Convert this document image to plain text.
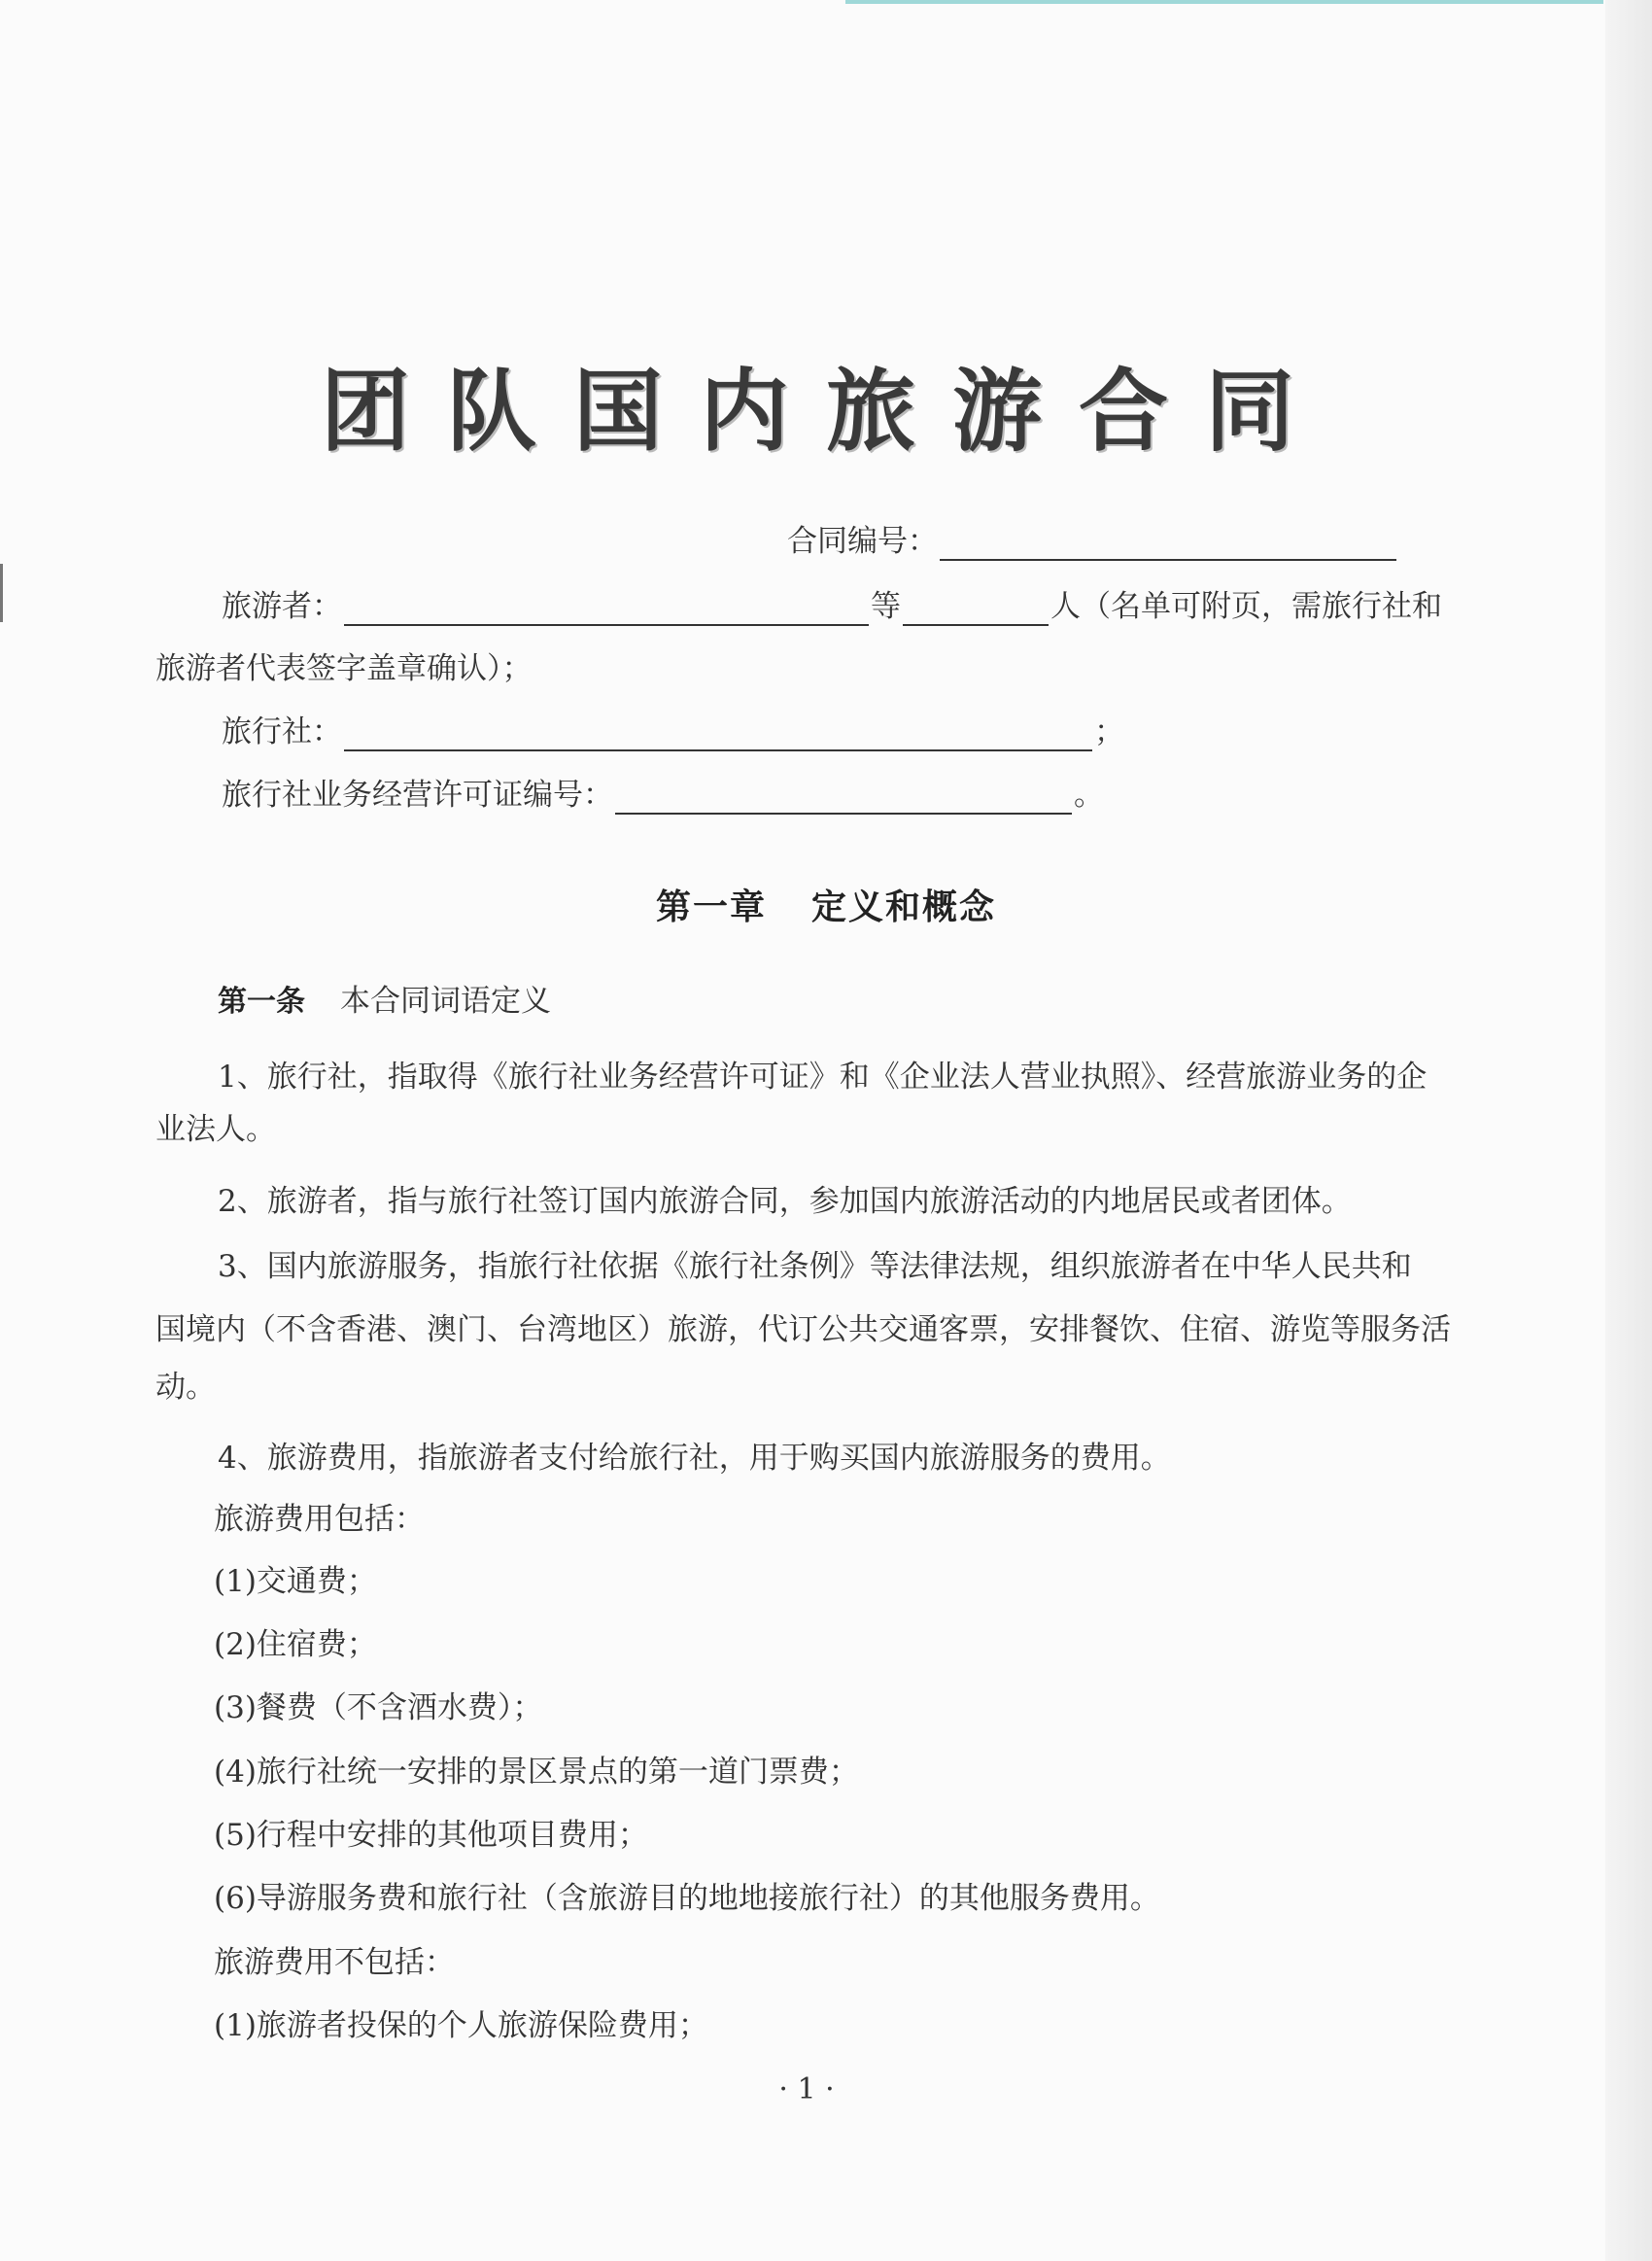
团队国内旅游合同
合同编号：
旅游者：	等	人（名单可附页，需旅行社和
旅游者代表签字盖章确认）；
旅行社：	；
旅行社业务经营许可证编号：	。
第一章 定义和概念
第一条 本合同词语定义
1、旅行社，指取得《旅行社业务经营许可证》和《企业法人营业执照》、经营旅游业务的企
业法人。
2、旅游者，指与旅行社签订国内旅游合同，参加国内旅游活动的内地居民或者团体。
3、国内旅游服务，指旅行社依据《旅行社条例》等法律法规，组织旅游者在中华人民共和
国境内（不含香港、澳门、台湾地区）旅游，代订公共交通客票，安排餐饮、住宿、游览等服务活
动。
4、旅游费用，指旅游者支付给旅行社，用于购买国内旅游服务的费用。
旅游费用包括：
(1)交通费；
(2)住宿费；
(3)餐费（不含酒水费）；
(4)旅行社统一安排的景区景点的第一道门票费；
(5)行程中安排的其他项目费用；
(6)导游服务费和旅行社（含旅游目的地地接旅行社）的其他服务费用。
旅游费用不包括：
(1)旅游者投保的个人旅游保险费用；
· 1 ·
